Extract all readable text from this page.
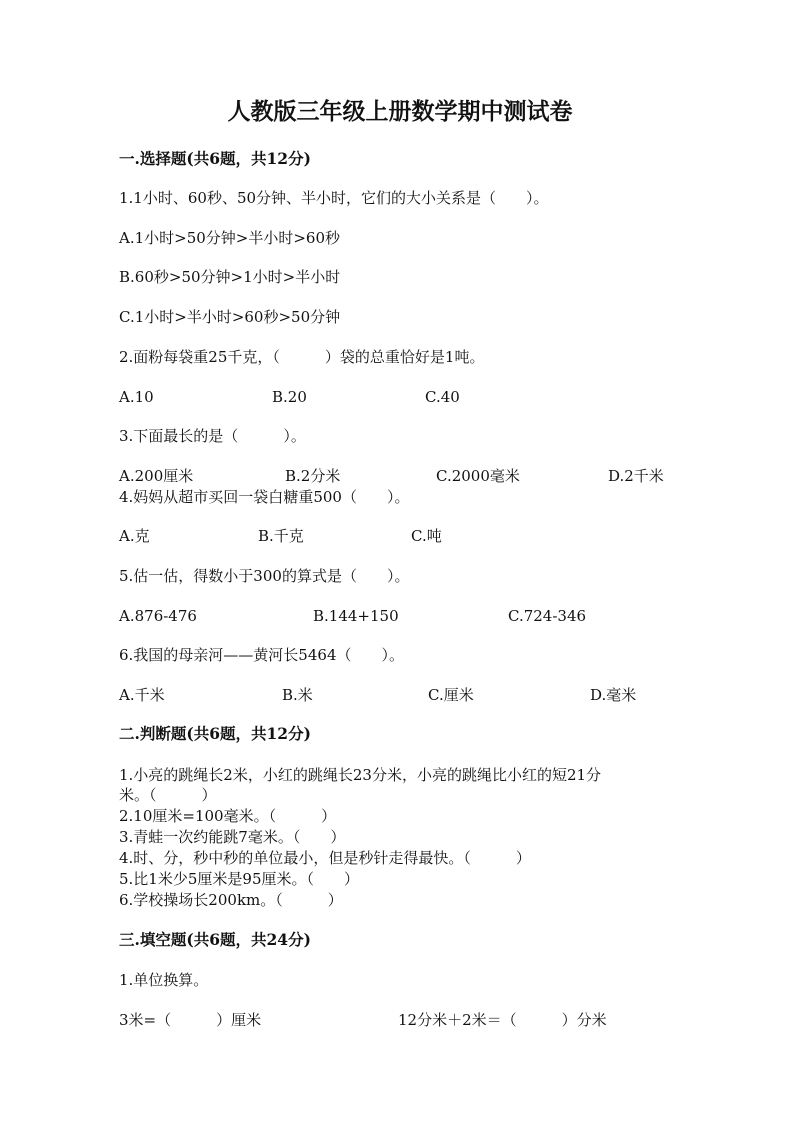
人教版三年级上册数学期中测试卷
一.选择题(共6题，共12分)
1.1小时、60秒、50分钟、半小时，它们的大小关系是（　　）。
A.1小时>50分钟>半小时>60秒
B.60秒>50分钟>1小时>半小时
C.1小时>半小时>60秒>50分钟
2.面粉每袋重25千克，（　　　）袋的总重恰好是1吨。
A.10	B.20	C.40
3.下面最长的是（　　　）。
A.200厘米	B.2分米	C.2000毫米	D.2千米
4.妈妈从超市买回一袋白糖重500（　　）。
A.克	B.千克	C.吨
5.估一估，得数小于300的算式是（　　）。
A.876-476	B.144+150	C.724-346
6.我国的母亲河——黄河长5464（　　）。
A.千米	B.米	C.厘米	D.毫米
二.判断题(共6题，共12分)
1.小亮的跳绳长2米，小红的跳绳长23分米，小亮的跳绳比小红的短21分
米。（　　　）
2.10厘米=100毫米。（　　　）
3.青蛙一次约能跳7毫米。（　　）
4.时、分，秒中秒的单位最小，但是秒针走得最快。（　　　）
5.比1米少5厘米是95厘米。（　　）
6.学校操场长200km。（　　　）
三.填空题(共6题，共24分)
1.单位换算。
3米=（　　　）厘米	12分米＋2米＝（　　　）分米
